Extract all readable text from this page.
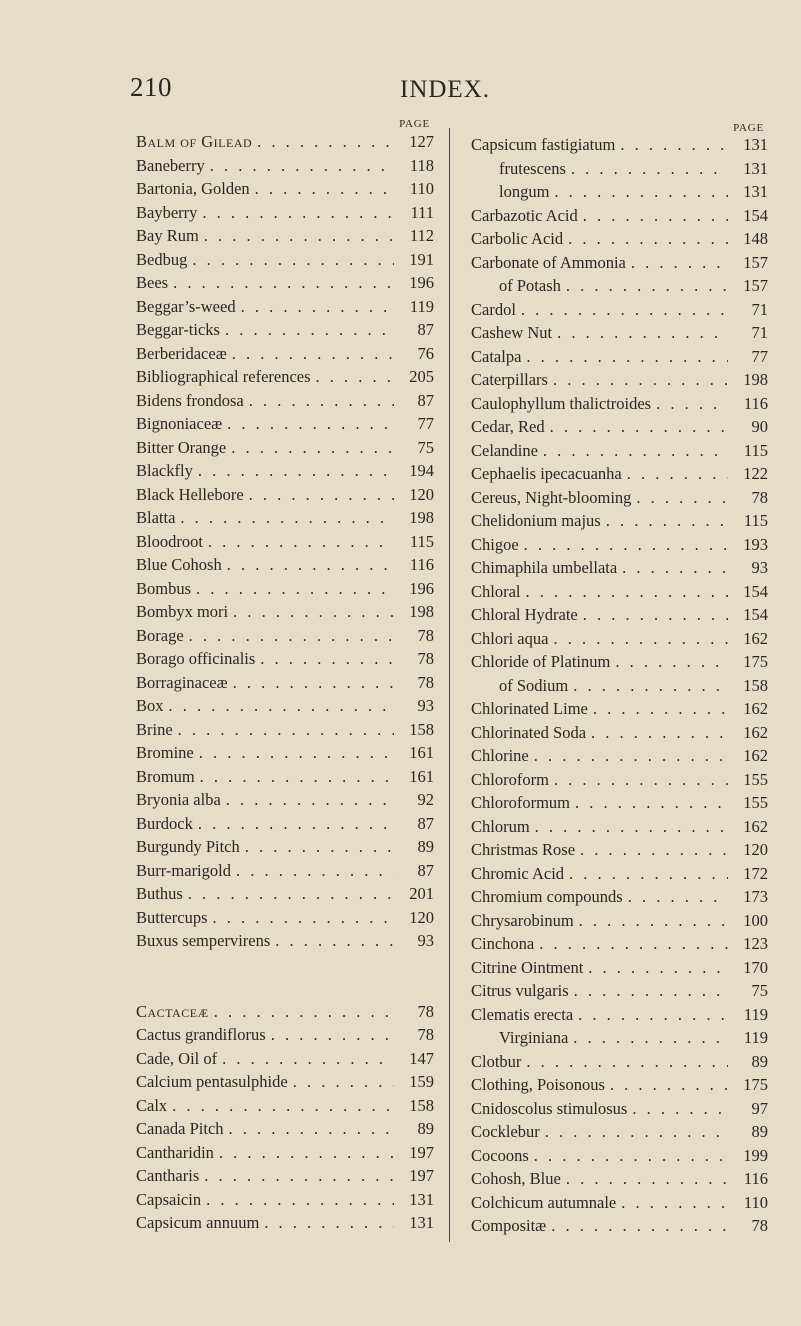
210	INDEX.
PAGE
Balm of Gilead . . .	127
Baneberry . . .	118
Bartonia, Golden . . .	110
Bayberry . . .	111
Bay Rum . . .	112
Bedbug . . .	191
Bees . . .	196
Beggar’s-weed . . .	119
Beggar-ticks . . .	87
Berberidaceæ . . .	76
Bibliographical references . . .	205
Bidens frondosa . . .	87
Bignoniaceæ . . .	77
Bitter Orange . . .	75
Blackfly . . .	194
Black Hellebore . . .	120
Blatta . . .	198
Bloodroot . . .	115
Blue Cohosh . . .	116
Bombus . . .	196
Bombyx mori . . .	198
Borage . . .	78
Borago officinalis . . .	78
Borraginaceæ . . .	78
Box . . .	93
Brine . . .	158
Bromine . . .	161
Bromum . . .	161
Bryonia alba . . .	92
Burdock . . .	87
Burgundy Pitch . . .	89
Burr-marigold . . .	87
Buthus . . .	201
Buttercups . . .	120
Buxus sempervirens . . .	93
Cactaceæ . . .	78
Cactus grandiflorus . . .	78
Cade, Oil of . . .	147
Calcium pentasulphide . . .	159
Calx . . .	158
Canada Pitch . . .	89
Cantharidin . . .	197
Cantharis . . .	197
Capsaicin . . .	131
Capsicum annuum . . .	131
PAGE
Capsicum fastigiatum . . .	131
frutescens . . .	131
longum . . .	131
Carbazotic Acid . . .	154
Carbolic Acid . . .	148
Carbonate of Ammonia . . .	157
of Potash . . .	157
Cardol . . .	71
Cashew Nut . . .	71
Catalpa . . .	77
Caterpillars . . .	198
Caulophyllum thalictroides . . .	116
Cedar, Red . . .	90
Celandine . . .	115
Cephaelis ipecacuanha . . .	122
Cereus, Night-blooming . . .	78
Chelidonium majus . . .	115
Chigoe . . .	193
Chimaphila umbellata . . .	93
Chloral . . .	154
Chloral Hydrate . . .	154
Chlori aqua . . .	162
Chloride of Platinum . . .	175
of Sodium . . .	158
Chlorinated Lime . . .	162
Chlorinated Soda . . .	162
Chlorine . . .	162
Chloroform . . .	155
Chloroformum . . .	155
Chlorum . . .	162
Christmas Rose . . .	120
Chromic Acid . . .	172
Chromium compounds . . .	173
Chrysarobinum . . .	100
Cinchona . . .	123
Citrine Ointment . . .	170
Citrus vulgaris . . .	75
Clematis erecta . . .	119
Virginiana . . .	119
Clotbur . . .	89
Clothing, Poisonous . . .	175
Cnidoscolus stimulosus . . .	97
Cocklebur . . .	89
Cocoons . . .	199
Cohosh, Blue . . .	116
Colchicum autumnale . . .	110
Compositæ . . .	78
